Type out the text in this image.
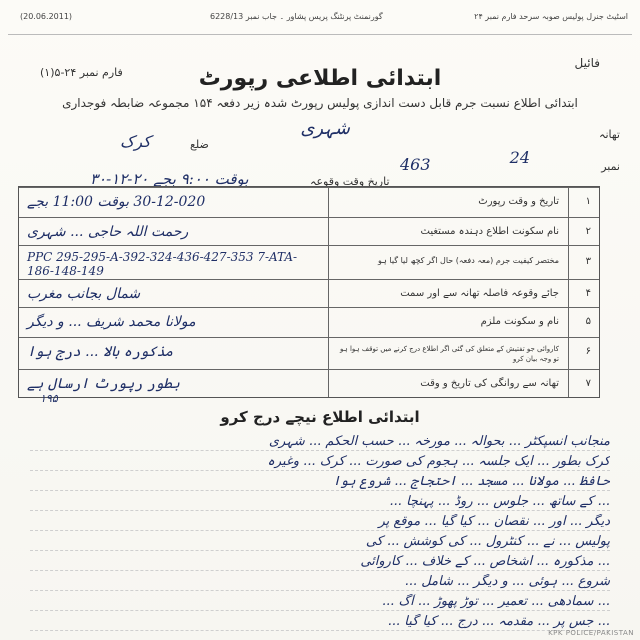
اسٹیٹ جنرل پولیس صوبہ سرحد فارم نمبر ۲۴
گورنمنٹ پرنٹنگ پریس پشاور ۔ جاب نمبر 6228/13
(20.06.2011)
فائیل
فارم نمبر ۲۴-۵(۱)	ابتدائی اطلاعی رپورٹ
ابتدائی اطلاع نسبت جرم قابل دست اندازی پولیس رپورٹ شدہ زیر دفعہ ۱۵۴ مجموعہ ضابطہ فوجداری
تھانہ
شہری
ضلع
کرک
نمبر
24
463
تاریخ وقت وقوعہ
۳۰-۱۲-۲۰ بوقت ۹:۰۰ بجے
۱
تاریخ و وقت رپورٹ
30-12-020 بوقت 11:00 بجے
۲
نام سکونت اطلاع دہندہ مستغیث
رحمت اللہ حاجی ... شہری
۳
مختصر کیفیت جرم (معہ دفعہ) حال اگر کچھ لیا گیا ہو
PPC 295-295-A-392-324-436-427-353 7-ATA-186-148-149
۴
جائے وقوعہ فاصلہ تھانہ سے اور سمت
شمال بجانب مغرب
۵
نام و سکونت ملزم
مولانا محمد شریف ... و دیگر
۶
کاروائی جو تفتیش کے متعلق کی گئی اگر اطلاع درج کرنے میں توقف ہوا ہو تو وجہ بیان کرو
مذکورہ بالا ... درج ہوا
۷
تھانہ سے روانگی کی تاریخ و وقت
بطور رپورٹ ارسال ہے
ابتدائی اطلاع نیچے درج کرو
۱۹۵
منجانب انسپکٹر ... بحوالہ ... مورخہ ... حسب الحکم ... شہری
کرک بطور ... ایک جلسہ ... ہجوم کی صورت ... کرک ... وغیرہ
حافظ ... مولانا ... مسجد ... احتجاج ... شروع ہوا
... کے ساتھ ... جلوس ... روڈ ... پہنچا ...
دیگر ... اور ... نقصان ... کیا گیا ... موقع پر
پولیس ... نے ... کنٹرول ... کی کوشش ... کی
... مذکورہ ... اشخاص ... کے خلاف ... کاروائی
شروع ... ہوئی ... و دیگر ... شامل ...
... سمادھی ... تعمیر ... توڑ پھوڑ ... آگ ...
... جس پر ... مقدمہ ... درج ... کیا گیا ...
KPK POLICE/PAKISTAN
